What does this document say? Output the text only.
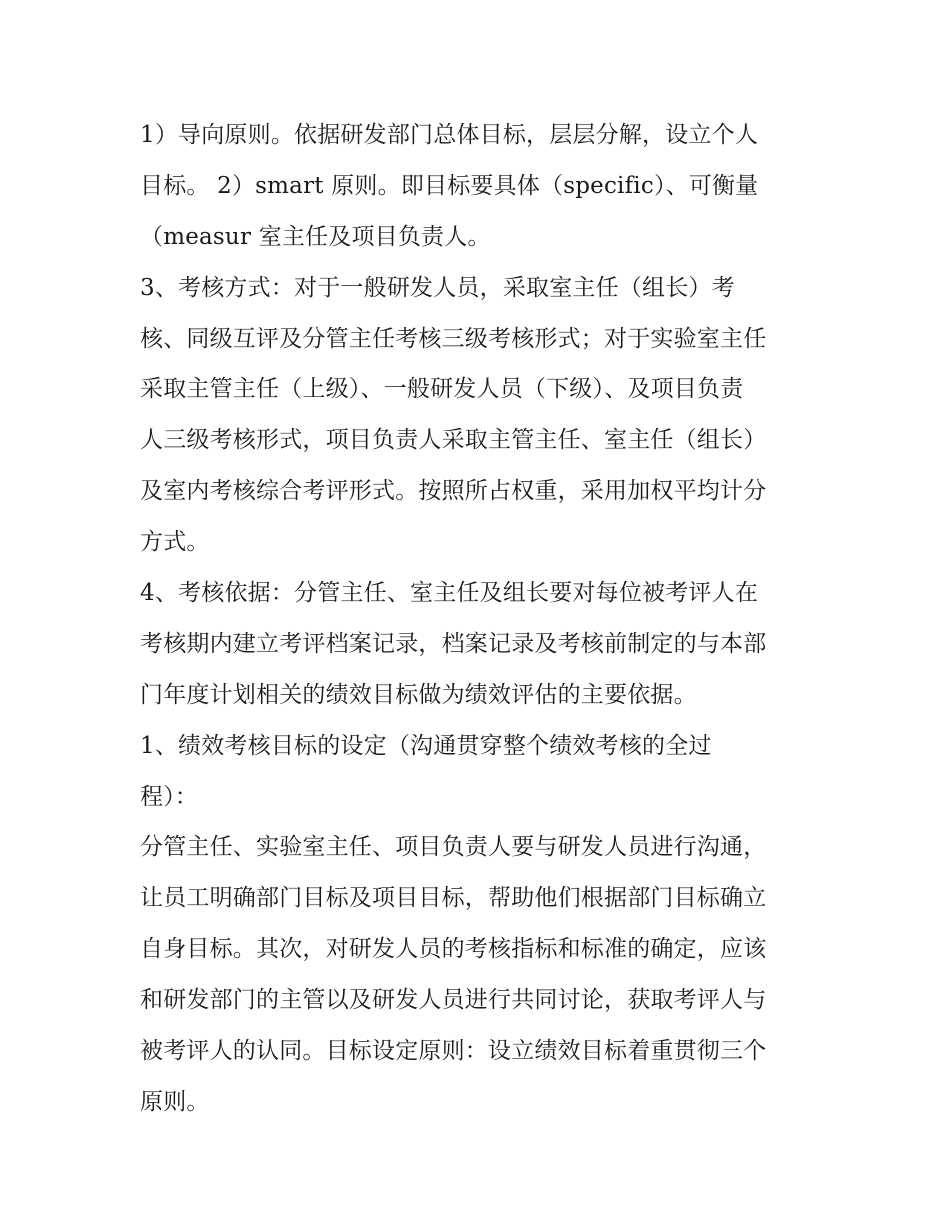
1）导向原则。依据研发部门总体目标，层层分解，设立个人
目标。 2）smart 原则。即目标要具体（specific）、可衡量
（measur 室主任及项目负责人。
3、考核方式：对于一般研发人员，采取室主任（组长）考
核、同级互评及分管主任考核三级考核形式；对于实验室主任
采取主管主任（上级）、一般研发人员（下级）、及项目负责
人三级考核形式，项目负责人采取主管主任、室主任（组长）
及室内考核综合考评形式。按照所占权重，采用加权平均计分
方式。
4、考核依据：分管主任、室主任及组长要对每位被考评人在
考核期内建立考评档案记录，档案记录及考核前制定的与本部
门年度计划相关的绩效目标做为绩效评估的主要依据。
1、绩效考核目标的设定（沟通贯穿整个绩效考核的全过
程）：
分管主任、实验室主任、项目负责人要与研发人员进行沟通，
让员工明确部门目标及项目目标，帮助他们根据部门目标确立
自身目标。其次，对研发人员的考核指标和标准的确定，应该
和研发部门的主管以及研发人员进行共同讨论，获取考评人与
被考评人的认同。目标设定原则：设立绩效目标着重贯彻三个
原则。
